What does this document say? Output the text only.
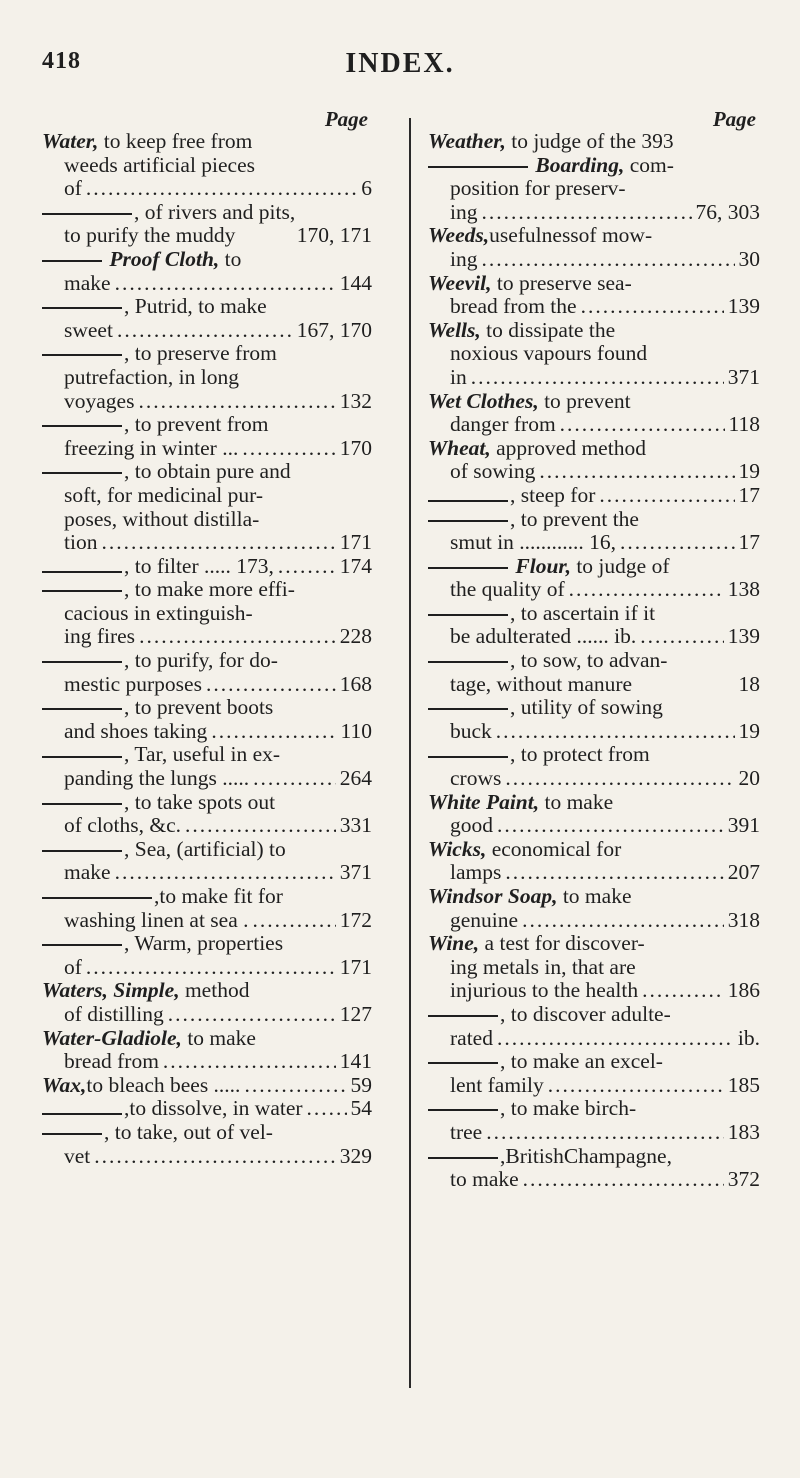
418	INDEX.
Page
Water, to keep free from
weeds artificial pieces
of .....	6
, of rivers and pits,
to purify the muddy	170, 171
Proof Cloth, to
make .....	144
, Putrid, to make
sweet .....	167, 170
, to preserve from
putrefaction, in long
voyages .....	132
, to prevent from
freezing in winter ... .....	170
, to obtain pure and
soft, for medicinal pur-
poses, without distilla-
tion .....	171
, to filter ..... 173, .....	174
, to make more effi-
cacious in extinguish-
ing fires .....	228
, to purify, for do-
mestic purposes .....	168
, to prevent boots
and shoes taking .....	110
, Tar, useful in ex-
panding the lungs ..... .....	264
, to take spots out
of cloths, &c. .....	331
, Sea, (artificial) to
make .....	371
,to make fit for
washing linen at sea . .....	172
, Warm, properties
of .....	171
Waters, Simple, method
of distilling .....	127
Water-Gladiole, to make
bread from .....	141
Wax, to bleach bees ..... .....	59
,to dissolve, in water ..... 54
, to take, out of vel-
vet .....	329
Page
Weather, to judge of the 393
Boarding, com-
position for preserv-
ing .....	76, 303
Weeds,usefulnessof mow-
ing .....	30
Weevil, to preserve sea-
bread from the .....	139
Wells, to dissipate the
noxious vapours found
in .....	371
Wet Clothes, to prevent
danger from .....	118
Wheat, approved method
of sowing .....	19
, steep for .....	17
, to prevent the
smut in ............ 16, .....	17
Flour, to judge of
the quality of .....	138
, to ascertain if it
be adulterated ...... ib. .....	139
, to sow, to advan-
tage, without manure	18
, utility of sowing
buck .....	19
, to protect from
crows .....	20
White Paint, to make
good .....	391
Wicks, economical for
lamps .....	207
Windsor Soap, to make
genuine .....	318
Wine, a test for discover-
ing metals in, that are
injurious to the health .....	186
, to discover adulte-
rated .....	ib.
, to make an excel-
lent family .....	185
, to make birch-
tree .....	183
,BritishChampagne,
to make .....	372
